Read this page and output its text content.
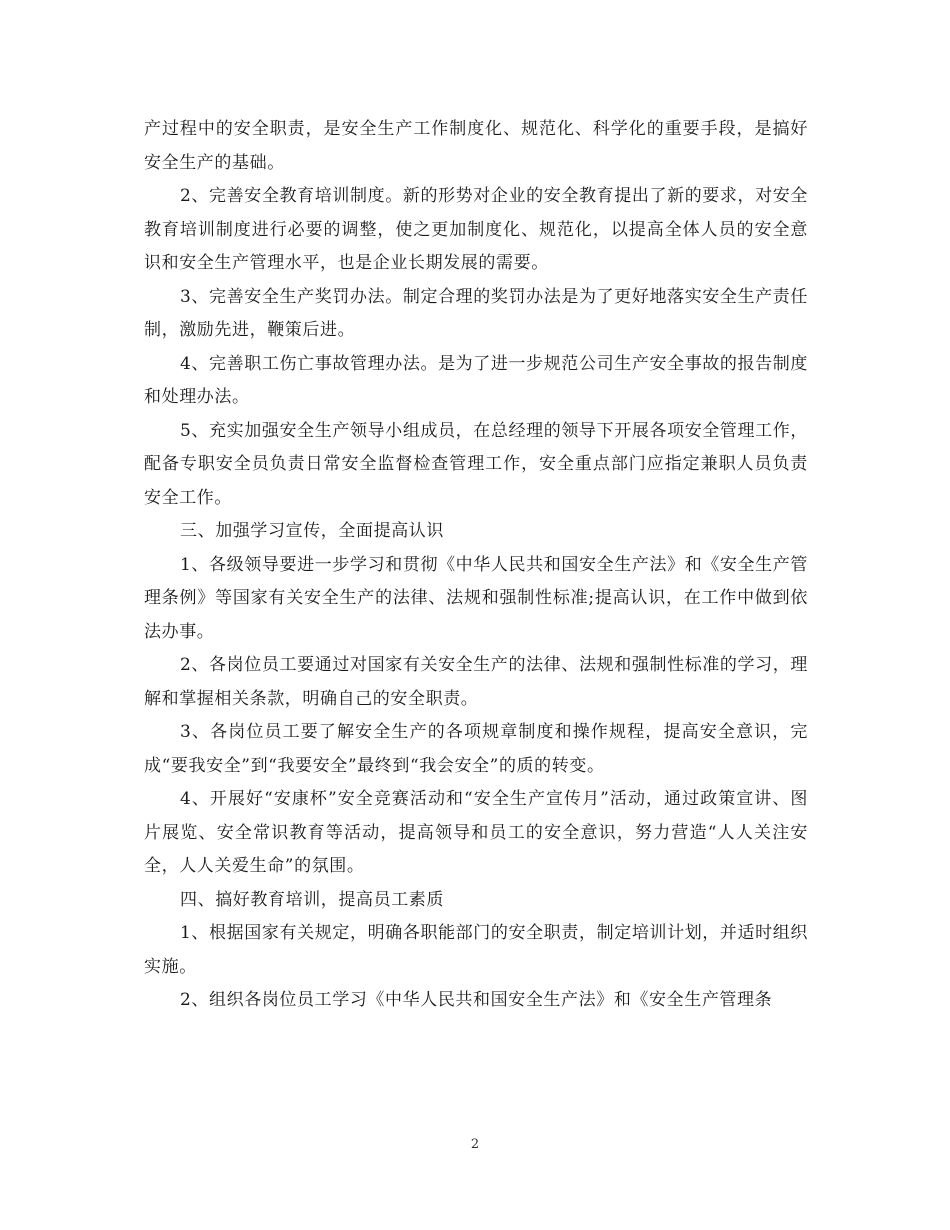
产过程中的安全职责，是安全生产工作制度化、规范化、科学化的重要手段，是搞好安全生产的基础。

2、完善安全教育培训制度。新的形势对企业的安全教育提出了新的要求，对安全教育培训制度进行必要的调整，使之更加制度化、规范化，以提高全体人员的安全意识和安全生产管理水平，也是企业长期发展的需要。

3、完善安全生产奖罚办法。制定合理的奖罚办法是为了更好地落实安全生产责任制，激励先进，鞭策后进。

4、完善职工伤亡事故管理办法。是为了进一步规范公司生产安全事故的报告制度和处理办法。

5、充实加强安全生产领导小组成员，在总经理的领导下开展各项安全管理工作，配备专职安全员负责日常安全监督检查管理工作，安全重点部门应指定兼职人员负责安全工作。

三、加强学习宣传，全面提高认识

1、各级领导要进一步学习和贯彻《中华人民共和国安全生产法》和《安全生产管理条例》等国家有关安全生产的法律、法规和强制性标准;提高认识，在工作中做到依法办事。

2、各岗位员工要通过对国家有关安全生产的法律、法规和强制性标准的学习，理解和掌握相关条款，明确自己的安全职责。

3、各岗位员工要了解安全生产的各项规章制度和操作规程，提高安全意识，完成“要我安全”到“我要安全”最终到“我会安全”的质的转变。

4、开展好“安康杯”安全竞赛活动和“安全生产宣传月”活动，通过政策宣讲、图片展览、安全常识教育等活动，提高领导和员工的安全意识，努力营造“人人关注安全，人人关爱生命”的氛围。

四、搞好教育培训，提高员工素质

1、根据国家有关规定，明确各职能部门的安全职责，制定培训计划，并适时组织实施。

2、组织各岗位员工学习《中华人民共和国安全生产法》和《安全生产管理条

2
